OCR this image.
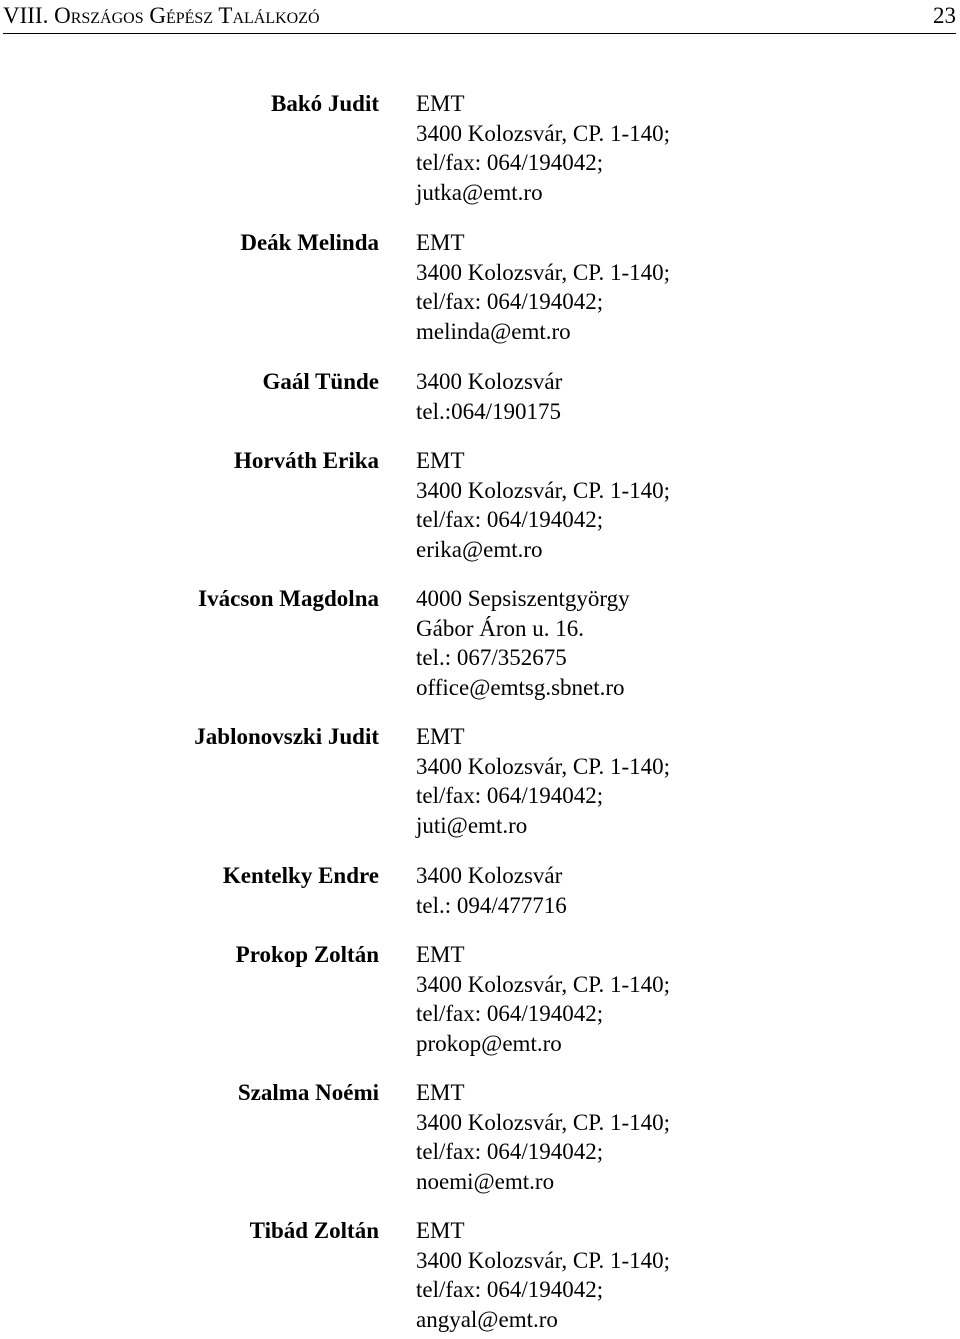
VIII. Országos Gépész Találkozó	23
Bakó Judit EMT
3400 Kolozsvár, CP. 1-140;
tel/fax: 064/194042;
jutka@emt.ro
Deák Melinda EMT
3400 Kolozsvár, CP. 1-140;
tel/fax: 064/194042;
melinda@emt.ro
Gaál Tünde 3400 Kolozsvár
tel.:064/190175
Horváth Erika EMT
3400 Kolozsvár, CP. 1-140;
tel/fax: 064/194042;
erika@emt.ro
Ivácson Magdolna 4000 Sepsiszentgyörgy
Gábor Áron u. 16.
tel.: 067/352675
office@emtsg.sbnet.ro
Jablonovszki Judit EMT
3400 Kolozsvár, CP. 1-140;
tel/fax: 064/194042;
juti@emt.ro
Kentelky Endre 3400 Kolozsvár
tel.: 094/477716
Prokop Zoltán EMT
3400 Kolozsvár, CP. 1-140;
tel/fax: 064/194042;
prokop@emt.ro
Szalma Noémi EMT
3400 Kolozsvár, CP. 1-140;
tel/fax: 064/194042;
noemi@emt.ro
Tibád Zoltán EMT
3400 Kolozsvár, CP. 1-140;
tel/fax: 064/194042;
angyal@emt.ro
